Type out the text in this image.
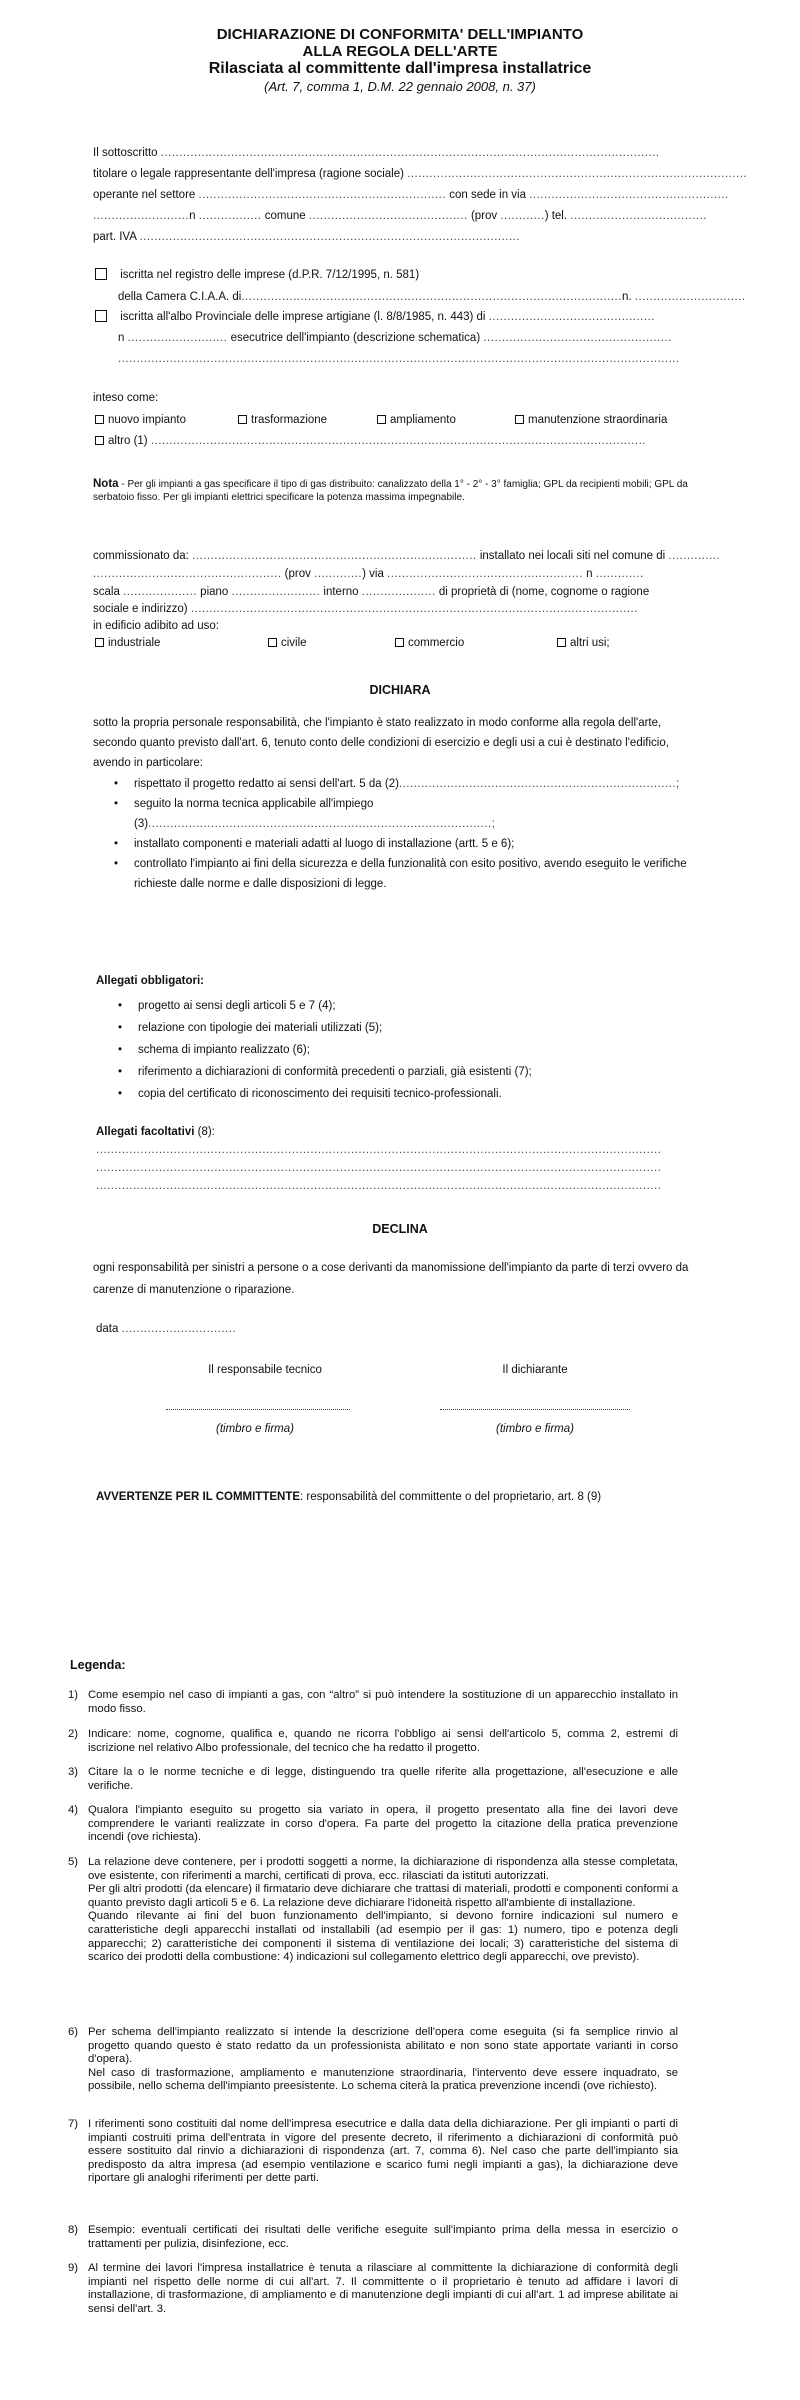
DICHIARAZIONE DI CONFORMITA' DELL'IMPIANTO
ALLA REGOLA DELL'ARTE
Rilasciata al committente dall'impresa installatrice
(Art. 7, comma 1, D.M. 22 gennaio 2008, n. 37)
Il sottoscritto .......................................................................................................................................
titolare o legale rappresentante dell'impresa (ragione sociale) ............................................................................................
operante nel settore ................................................................... con sede in via ......................................................
..........................n ................. comune ........................................... (prov ............) tel. .....................................
part. IVA .......................................................................................................
iscritta nel registro delle imprese (d.P.R. 7/12/1995, n. 581)
della Camera C.I.A.A. di.......................................................................................................n. ..............................
iscritta all'albo Provinciale delle imprese artigiane (l. 8/8/1985, n. 443) di .............................................
n ........................... esecutrice dell'impianto (descrizione schematica) ...................................................
........................................................................................................................................................
inteso come:
nuovo impianto	trasformazione	ampliamento	manutenzione straordinaria
altro (1) ......................................................................................................................................
Nota - Per gli impianti a gas specificare il tipo di gas distribuito: canalizzato della 1° - 2° - 3° famiglia; GPL da recipienti mobili; GPL da serbatoio fisso. Per gli impianti elettrici specificare la potenza massima impegnabile.
commissionato da: ............................................................................. installato nei locali siti nel comune di ..............
................................................... (prov .............) via ..................................................... n .............
scala .................... piano ........................ interno .................... di proprietà di (nome, cognome o ragione
sociale e indirizzo) .........................................................................................................................
in edificio adibito ad uso:
industriale	civile	commercio	altri usi;
DICHIARA
sotto la propria personale responsabilità, che l'impianto è stato realizzato in modo conforme alla regola dell'arte, secondo quanto previsto dall'art. 6, tenuto conto delle condizioni di esercizio e degli usi a cui è destinato l'edificio, avendo in particolare:
•	rispettato il progetto redatto ai sensi dell'art. 5 da (2)...........................................................................;
•	seguito la norma tecnica applicabile all'impiego (3).............................................................................................;
•	installato componenti e materiali adatti al luogo di installazione (artt. 5 e 6);
•	controllato l'impianto ai fini della sicurezza e della funzionalità con esito positivo, avendo eseguito le verifiche richieste dalle norme e dalle disposizioni di legge.
Allegati obbligatori:
• progetto ai sensi degli articoli 5 e 7 (4);
• relazione con tipologie dei materiali utilizzati (5);
• schema di impianto realizzato (6);
• riferimento a dichiarazioni di conformità precedenti o parziali, già esistenti (7);
• copia del certificato di riconoscimento dei requisiti tecnico-professionali.
Allegati facoltativi (8):
.........................................................................................................................................................
.........................................................................................................................................................
.........................................................................................................................................................
DECLINA
ogni responsabilità per sinistri a persone o a cose derivanti da manomissione dell'impianto da parte di terzi ovvero da carenze di manutenzione o riparazione.
data ...............................
Il responsabile tecnico	Il dichiarante
(timbro e firma)	(timbro e firma)
AVVERTENZE PER IL COMMITTENTE: responsabilità del committente o del proprietario, art. 8 (9)
Legenda:
1) Come esempio nel caso di impianti a gas, con “altro” si può intendere la sostituzione di un apparecchio installato in modo fisso.
2) Indicare: nome, cognome, qualifica e, quando ne ricorra l'obbligo ai sensi dell'articolo 5, comma 2, estremi di iscrizione nel relativo Albo professionale, del tecnico che ha redatto il progetto.
3) Citare la o le norme tecniche e di legge, distinguendo tra quelle riferite alla progettazione, all'esecuzione e alle verifiche.
4) Qualora l'impianto eseguito su progetto sia variato in opera, il progetto presentato alla fine dei lavori deve comprendere le varianti realizzate in corso d'opera. Fa parte del progetto la citazione della pratica prevenzione incendi (ove richiesta).
5) La relazione deve contenere, per i prodotti soggetti a norme, la dichiarazione di rispondenza alla stesse completata, ove esistente, con riferimenti a marchi, certificati di prova, ecc. rilasciati da istituti autorizzati.
Per gli altri prodotti (da elencare) il firmatario deve dichiarare che trattasi di materiali, prodotti e componenti conformi a quanto previsto dagli articoli 5 e 6. La relazione deve dichiarare l'idoneità rispetto all'ambiente di installazione.
Quando rilevante ai fini del buon funzionamento dell'impianto, si devono fornire indicazioni sul numero e caratteristiche degli apparecchi installati od installabili (ad esempio per il gas: 1) numero, tipo e potenza degli apparecchi; 2) caratteristiche dei componenti il sistema di ventilazione dei locali; 3) caratteristiche del sistema di scarico dei prodotti della combustione: 4) indicazioni sul collegamento elettrico degli apparecchi, ove previsto).
6) Per schema dell'impianto realizzato si intende la descrizione dell'opera come eseguita (si fa semplice rinvio al progetto quando questo è stato redatto da un professionista abilitato e non sono state apportate varianti in corso d'opera).
Nel caso di trasformazione, ampliamento e manutenzione straordinaria, l'intervento deve essere inquadrato, se possibile, nello schema dell'impianto preesistente. Lo schema citerà la pratica prevenzione incendi (ove richiesto).
7) I riferimenti sono costituiti dal nome dell'impresa esecutrice e dalla data della dichiarazione. Per gli impianti o parti di impianti costruiti prima dell'entrata in vigore del presente decreto, il riferimento a dichiarazioni di conformità può essere sostituito dal rinvio a dichiarazioni di rispondenza (art. 7, comma 6). Nel caso che parte dell'impianto sia predisposto da altra impresa (ad esempio ventilazione e scarico fumi negli impianti a gas), la dichiarazione deve riportare gli analoghi riferimenti per dette parti.
8) Esempio: eventuali certificati dei risultati delle verifiche eseguite sull'impianto prima della messa in esercizio o trattamenti per pulizia, disinfezione, ecc.
9) Al termine dei lavori l'impresa installatrice è tenuta a rilasciare al committente la dichiarazione di conformità degli impianti nel rispetto delle norme di cui all'art. 7. Il committente o il proprietario è tenuto ad affidare i lavori di installazione, di trasformazione, di ampliamento e di manutenzione degli impianti di cui all'art. 1 ad imprese abilitate ai sensi dell'art. 3.
